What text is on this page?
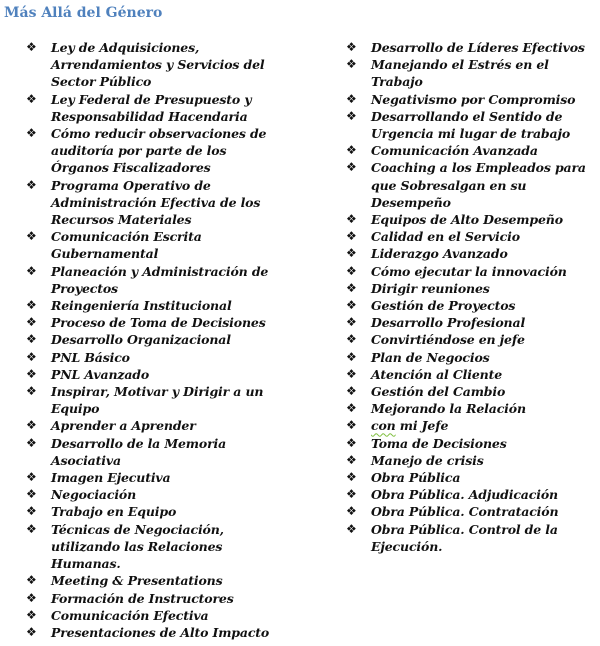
Más Allá del Género
❖ Ley de Adquisiciones,
Arrendamientos y Servicios del
Sector Público
❖ Ley Federal de Presupuesto y
Responsabilidad Hacendaria
❖ Cómo reducir observaciones de
auditoría por parte de los
Órganos Fiscalizadores
❖ Programa Operativo de
Administración Efectiva de los
Recursos Materiales
❖ Comunicación Escrita
Gubernamental
❖ Planeación y Administración de
Proyectos
❖ Reingeniería Institucional
❖ Proceso de Toma de Decisiones
❖ Desarrollo Organizacional
❖ PNL Básico
❖ PNL Avanzado
❖ Inspirar, Motivar y Dirigir a un
Equipo
❖ Aprender a Aprender
❖ Desarrollo de la Memoria
Asociativa
❖ Imagen Ejecutiva
❖ Negociación
❖ Trabajo en Equipo
❖ Técnicas de Negociación,
utilizando las Relaciones
Humanas.
❖ Meeting & Presentations
❖ Formación de Instructores
❖ Comunicación Efectiva
❖ Presentaciones de Alto Impacto
❖ Desarrollo de Líderes Efectivos
❖ Manejando el Estrés en el Trabajo
❖ Negativismo por Compromiso
❖ Desarrollando el Sentido de
Urgencia mi lugar de trabajo
❖ Comunicación Avanzada
❖ Coaching a los Empleados para
que Sobresalgan en su
Desempeño
❖ Equipos de Alto Desempeño
❖ Calidad en el Servicio
❖ Liderazgo Avanzado
❖ Cómo ejecutar la innovación
❖ Dirigir reuniones
❖ Gestión de Proyectos
❖ Desarrollo Profesional
❖ Convirtiéndose en jefe
❖ Plan de Negocios
❖ Atención al Cliente
❖ Gestión del Cambio
❖ Mejorando la Relación
❖ con mi Jefe
❖ Toma de Decisiones
❖ Manejo de crisis
❖ Obra Pública
❖ Obra Pública. Adjudicación
❖ Obra Pública. Contratación
❖ Obra Pública. Control de la
Ejecución.
